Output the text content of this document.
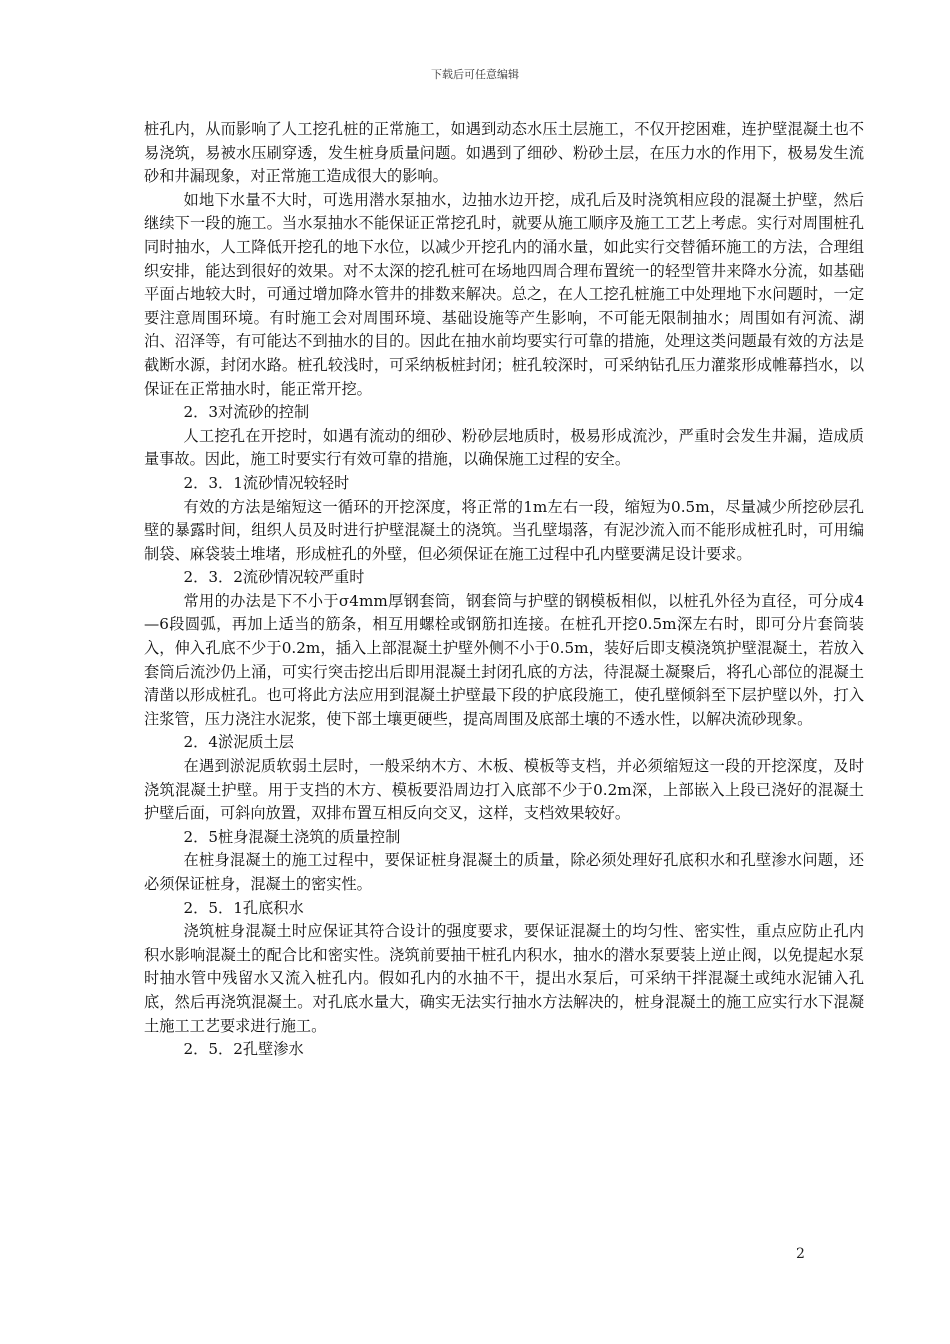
下载后可任意编辑

桩孔内，从而影响了人工挖孔桩的正常施工，如遇到动态水压土层施工，不仅开挖困难，连护壁混凝土也不易浇筑，易被水压刷穿透，发生桩身质量问题。如遇到了细砂、粉砂土层，在压力水的作用下，极易发生流砂和井漏现象，对正常施工造成很大的影响。

如地下水量不大时，可选用潜水泵抽水，边抽水边开挖，成孔后及时浇筑相应段的混凝土护壁，然后继续下一段的施工。当水泵抽水不能保证正常挖孔时，就要从施工顺序及施工工艺上考虑。实行对周围桩孔同时抽水，人工降低开挖孔的地下水位，以减少开挖孔内的涌水量，如此实行交替循环施工的方法，合理组织安排，能达到很好的效果。对不太深的挖孔桩可在场地四周合理布置统一的轻型管井来降水分流，如基础平面占地较大时，可通过增加降水管井的排数来解决。总之，在人工挖孔桩施工中处理地下水问题时，一定要注意周围环境。有时施工会对周围环境、基础设施等产生影响，不可能无限制抽水；周围如有河流、湖泊、沼泽等，有可能达不到抽水的目的。因此在抽水前均要实行可靠的措施，处理这类问题最有效的方法是截断水源，封闭水路。桩孔较浅时，可采纳板桩封闭；桩孔较深时，可采纳钻孔压力灌浆形成帷幕挡水，以保证在正常抽水时，能正常开挖。

2．3对流砂的控制

人工挖孔在开挖时，如遇有流动的细砂、粉砂层地质时，极易形成流沙，严重时会发生井漏，造成质量事故。因此，施工时要实行有效可靠的措施，以确保施工过程的安全。

2．3．1流砂情况较轻时

有效的方法是缩短这一循环的开挖深度，将正常的1m左右一段，缩短为0.5m，尽量减少所挖砂层孔壁的暴露时间，组织人员及时进行护壁混凝土的浇筑。当孔壁塌落，有泥沙流入而不能形成桩孔时，可用编制袋、麻袋装土堆堵，形成桩孔的外壁，但必须保证在施工过程中孔内壁要满足设计要求。

2．3．2流砂情况较严重时

常用的办法是下不小于σ4mm厚钢套筒，钢套筒与护壁的钢模板相似，以桩孔外径为直径，可分成4—6段圆弧，再加上适当的筋条，相互用螺栓或钢筋扣连接。在桩孔开挖0.5m深左右时，即可分片套筒装入，伸入孔底不少于0.2m，插入上部混凝土护壁外侧不小于0.5m，装好后即支模浇筑护壁混凝土，若放入套筒后流沙仍上涌，可实行突击挖出后即用混凝土封闭孔底的方法，待混凝土凝聚后，将孔心部位的混凝土清凿以形成桩孔。也可将此方法应用到混凝土护壁最下段的护底段施工，使孔壁倾斜至下层护壁以外，打入注浆管，压力浇注水泥浆，使下部土壤更硬些，提高周围及底部土壤的不透水性，以解决流砂现象。

2．4淤泥质土层

在遇到淤泥质软弱土层时，一般采纳木方、木板、模板等支档，并必须缩短这一段的开挖深度，及时浇筑混凝土护壁。用于支挡的木方、模板要沿周边打入底部不少于0.2m深，上部嵌入上段已浇好的混凝土护壁后面，可斜向放置，双排布置互相反向交叉，这样，支档效果较好。

2．5桩身混凝土浇筑的质量控制

在桩身混凝土的施工过程中，要保证桩身混凝土的质量，除必须处理好孔底积水和孔壁渗水问题，还必须保证桩身，混凝土的密实性。

2．5．1孔底积水

浇筑桩身混凝土时应保证其符合设计的强度要求，要保证混凝土的均匀性、密实性，重点应防止孔内积水影响混凝土的配合比和密实性。浇筑前要抽干桩孔内积水，抽水的潜水泵要装上逆止阀，以免提起水泵时抽水管中残留水又流入桩孔内。假如孔内的水抽不干，提出水泵后，可采纳干拌混凝土或纯水泥铺入孔底，然后再浇筑混凝土。对孔底水量大，确实无法实行抽水方法解决的，桩身混凝土的施工应实行水下混凝土施工工艺要求进行施工。

2．5．2孔壁渗水

2
